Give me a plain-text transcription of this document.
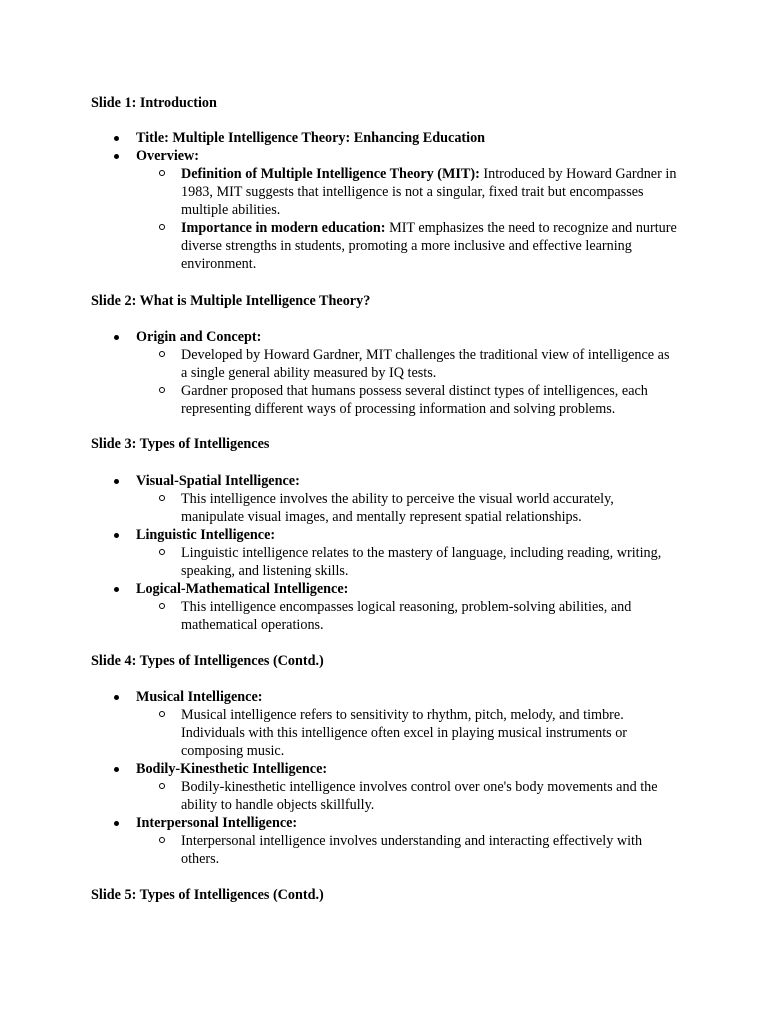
Slide 1: Introduction
Title: Multiple Intelligence Theory: Enhancing Education
Overview:
Definition of Multiple Intelligence Theory (MIT): Introduced by Howard Gardner in 1983, MIT suggests that intelligence is not a singular, fixed trait but encompasses multiple abilities.
Importance in modern education: MIT emphasizes the need to recognize and nurture diverse strengths in students, promoting a more inclusive and effective learning environment.
Slide 2: What is Multiple Intelligence Theory?
Origin and Concept:
Developed by Howard Gardner, MIT challenges the traditional view of intelligence as a single general ability measured by IQ tests.
Gardner proposed that humans possess several distinct types of intelligences, each representing different ways of processing information and solving problems.
Slide 3: Types of Intelligences
Visual-Spatial Intelligence:
This intelligence involves the ability to perceive the visual world accurately, manipulate visual images, and mentally represent spatial relationships.
Linguistic Intelligence:
Linguistic intelligence relates to the mastery of language, including reading, writing, speaking, and listening skills.
Logical-Mathematical Intelligence:
This intelligence encompasses logical reasoning, problem-solving abilities, and mathematical operations.
Slide 4: Types of Intelligences (Contd.)
Musical Intelligence:
Musical intelligence refers to sensitivity to rhythm, pitch, melody, and timbre. Individuals with this intelligence often excel in playing musical instruments or composing music.
Bodily-Kinesthetic Intelligence:
Bodily-kinesthetic intelligence involves control over one's body movements and the ability to handle objects skillfully.
Interpersonal Intelligence:
Interpersonal intelligence involves understanding and interacting effectively with others.
Slide 5: Types of Intelligences (Contd.)
